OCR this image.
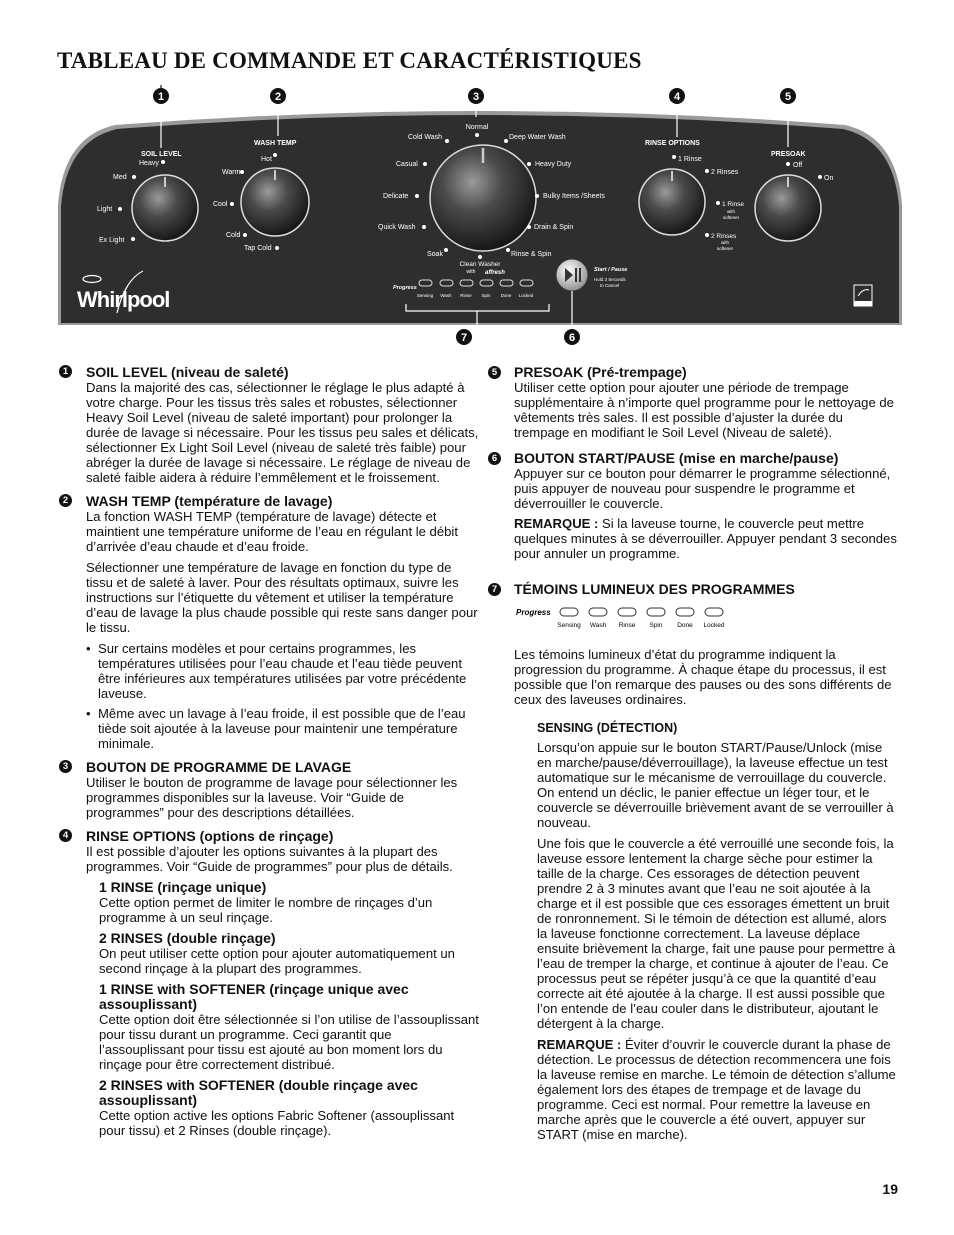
TABLEAU DE COMMANDE ET CARACTÉRISTIQUES
1	2	3	4	5
7	6
SOIL LEVEL
Heavy
Med
Light
Ex Light
WASH TEMP
Hot
Warm
Cool
Cold
Tap Cold
Normal
Cold Wash	Deep Water Wash
Casual	Heavy Duty
Delicate	Bulky Items /Sheets
Quick Wash	Drain & Spin
Soak
Clean Washer
with affresh
Rinse & Spin
Progress
Sensing Wash Rinse Spin Done Locked
Start / Pause
Hold 3 Seconds
to Cancel
RINSE OPTIONS
1 Rinse
2 Rinses
1 Rinse
with
softener
2 Rinses
with
softener
PRESOAK
Off
On
Whirlpool
1 SOIL LEVEL (niveau de saleté)

Dans la majorité des cas, sélectionner le réglage le plus adapté à votre charge. Pour les tissus très sales et robustes, sélectionner Heavy Soil Level (niveau de saleté important) pour prolonger la durée de lavage si nécessaire. Pour les tissus peu sales et délicats, sélectionner Ex Light Soil Level (niveau de saleté très faible) pour abréger la durée de lavage si nécessaire. Le réglage de niveau de saleté faible aidera à réduire l’emmêlement et le froissement.

2 WASH TEMP (température de lavage)

La fonction WASH TEMP (température de lavage) détecte et maintient une température uniforme de l’eau en régulant le débit d’arrivée d’eau chaude et d’eau froide.

Sélectionner une température de lavage en fonction du type de tissu et de saleté à laver. Pour des résultats optimaux, suivre les instructions sur l’étiquette du vêtement et utiliser la température d’eau de lavage la plus chaude possible qui reste sans danger pour le tissu.

• Sur certains modèles et pour certains programmes, les températures utilisées pour l’eau chaude et l’eau tiède peuvent être inférieures aux températures utilisées par votre précédente laveuse.
• Même avec un lavage à l’eau froide, il est possible que de l’eau tiède soit ajoutée à la laveuse pour maintenir une température minimale.
3 BOUTON DE PROGRAMME DE LAVAGE

Utiliser le bouton de programme de lavage pour sélectionner les programmes disponibles sur la laveuse. Voir “Guide de programmes” pour des descriptions détaillées.

4 RINSE OPTIONS (options de rinçage)

Il est possible d’ajouter les options suivantes à la plupart des programmes. Voir “Guide de programmes” pour plus de détails.

1 RINSE (rinçage unique)

Cette option permet de limiter le nombre de rinçages d’un programme à un seul rinçage.

2 RINSES (double rinçage)

On peut utiliser cette option pour ajouter automatiquement un second rinçage à la plupart des programmes.

1 RINSE with SOFTENER (rinçage unique avec assouplissant)

Cette option doit être sélectionnée si l’on utilise de l’assouplissant pour tissu durant un programme. Ceci garantit que l’assouplissant pour tissu est ajouté au bon moment lors du rinçage pour être correctement distribué.

2 RINSES with SOFTENER (double rinçage avec assouplissant)

Cette option active les options Fabric Softener (assouplissant pour tissu) et 2 Rinses (double rinçage).

5 PRESOAK (Pré-trempage)

Utiliser cette option pour ajouter une période de trempage supplémentaire à n’importe quel programme pour le nettoyage de vêtements très sales. Il est possible d’ajuster la durée du trempage en modifiant le Soil Level (Niveau de saleté).

6 BOUTON START/PAUSE (mise en marche/pause)

Appuyer sur ce bouton pour démarrer le programme sélectionné, puis appuyer de nouveau pour suspendre le programme et déverrouiller le couvercle.

REMARQUE : Si la laveuse tourne, le couvercle peut mettre quelques minutes à se déverrouiller. Appuyer pendant 3 secondes pour annuler un programme.

7 TÉMOINS LUMINEUX DES PROGRAMMES

Progress
Sensing Wash Rinse Spin Done Locked

Les témoins lumineux d’état du programme indiquent la progression du programme. À chaque étape du processus, il est possible que l’on remarque des pauses ou des sons différents de ceux des laveuses ordinaires.

SENSING (DÉTECTION)

Lorsqu’on appuie sur le bouton START/Pause/Unlock (mise en marche/pause/déverrouillage), la laveuse effectue un test automatique sur le mécanisme de verrouillage du couvercle. On entend un déclic, le panier effectue un léger tour, et le couvercle se déverrouille brièvement avant de se verrouiller à nouveau.

Une fois que le couvercle a été verrouillé une seconde fois, la laveuse essore lentement la charge sèche pour estimer la taille de la charge. Ces essorages de détection peuvent prendre 2 à 3 minutes avant que l’eau ne soit ajoutée à la charge et il est possible que ces essorages émettent un bruit de ronronnement. Si le témoin de détection est allumé, alors la laveuse fonctionne correctement. La laveuse déplace ensuite brièvement la charge, fait une pause pour permettre à l’eau de tremper la charge, et continue à ajouter de l’eau. Ce processus peut se répéter jusqu’à ce que la quantité d’eau correcte ait été ajoutée à la charge. Il est aussi possible que l’on entende de l’eau couler dans le distributeur, ajoutant le détergent à la charge.

REMARQUE : Éviter d’ouvrir le couvercle durant la phase de détection. Le processus de détection recommencera une fois la laveuse remise en marche. Le témoin de détection s’allume également lors des étapes de trempage et de lavage du programme. Ceci est normal. Pour remettre la laveuse en marche après que le couvercle a été ouvert, appuyer sur START (mise en marche).

19
